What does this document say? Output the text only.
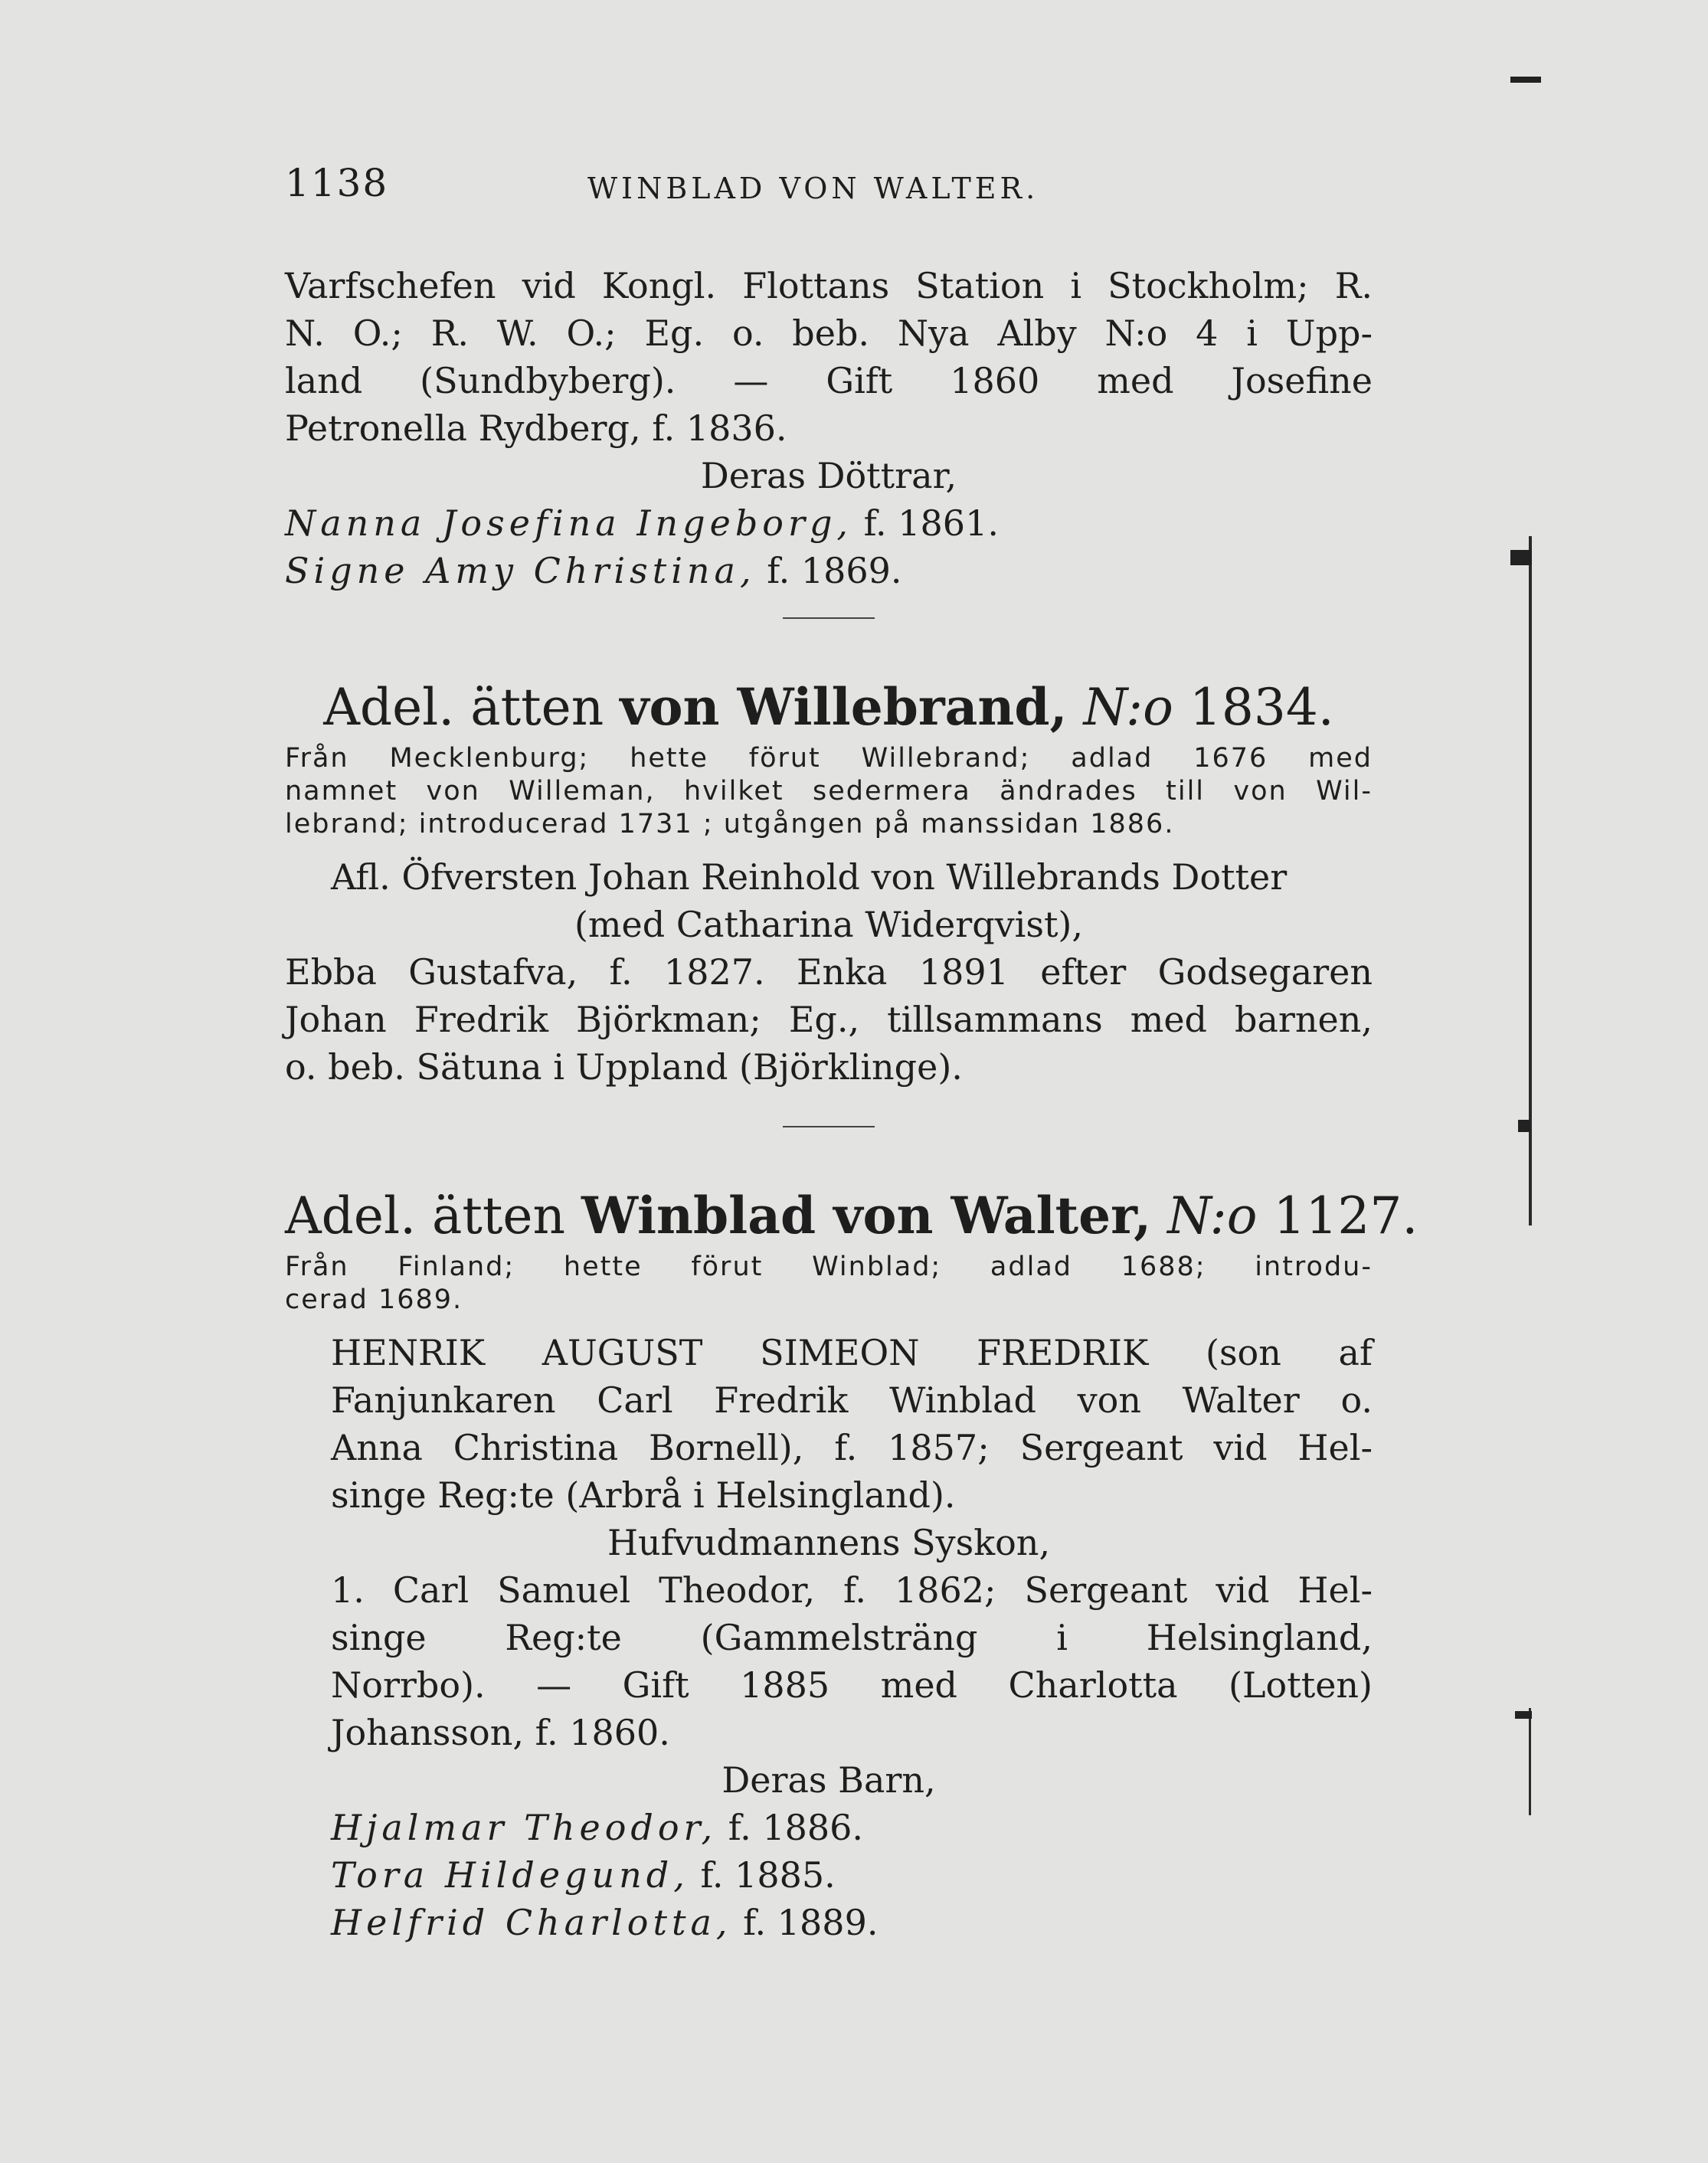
1138	WINBLAD VON WALTER.
Varfschefen vid Kongl. Flottans Station i Stockholm; R.
N. O.; R. W. O.; Eg. o. beb. Nya Alby N:o 4 i Upp-
land (Sundbyberg). — Gift 1860 med Josefine
Petronella Rydberg, f. 1836.
Deras Döttrar,
Nanna Josefina Ingeborg, f. 1861.
Signe Amy Christina, f. 1869.
Adel. ätten von Willebrand, N:o 1834.
Från Mecklenburg; hette förut Willebrand; adlad 1676 med
namnet von Willeman, hvilket sedermera ändrades till von Wil-
lebrand; introducerad 1731 ; utgången på manssidan 1886.
Afl. Öfversten Johan Reinhold von Willebrands Dotter
(med Catharina Widerqvist),
Ebba Gustafva, f. 1827. Enka 1891 efter Godsegaren
Johan Fredrik Björkman; Eg., tillsammans med barnen,
o. beb. Sätuna i Uppland (Björklinge).
Adel. ätten Winblad von Walter, N:o 1127.
Från Finland; hette förut Winblad; adlad 1688; introdu-
cerad 1689.
HENRIK AUGUST SIMEON FREDRIK (son af
Fanjunkaren Carl Fredrik Winblad von Walter o.
Anna Christina Bornell), f. 1857; Sergeant vid Hel-
singe Reg:te (Arbrå i Helsingland).
Hufvudmannens Syskon,
1. Carl Samuel Theodor, f. 1862; Sergeant vid Hel-
singe Reg:te (Gammelsträng i Helsingland,
Norrbo). — Gift 1885 med Charlotta (Lotten)
Johansson, f. 1860.
Deras Barn,
Hjalmar Theodor, f. 1886.
Tora Hildegund, f. 1885.
Helfrid Charlotta, f. 1889.
